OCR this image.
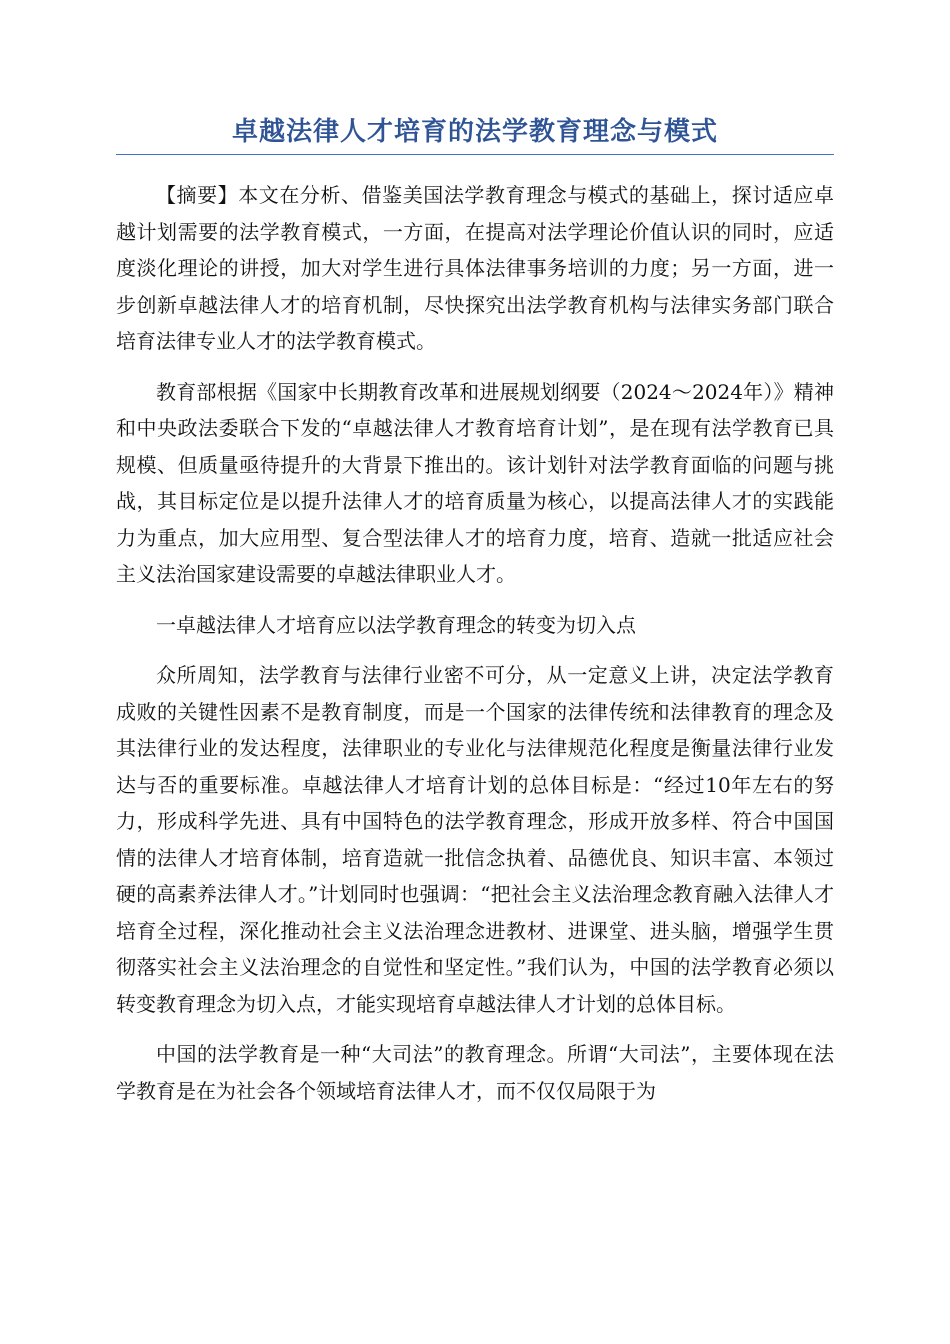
卓越法律人才培育的法学教育理念与模式

【摘要】本文在分析、借鉴美国法学教育理念与模式的基础上，探讨适应卓越计划需要的法学教育模式，一方面，在提高对法学理论价值认识的同时，应适度淡化理论的讲授，加大对学生进行具体法律事务培训的力度；另一方面，进一步创新卓越法律人才的培育机制，尽快探究出法学教育机构与法律实务部门联合培育法律专业人才的法学教育模式。

教育部根据《国家中长期教育改革和进展规划纲要（2024～2024年）》精神和中央政法委联合下发的“卓越法律人才教育培育计划”，是在现有法学教育已具规模、但质量亟待提升的大背景下推出的。该计划针对法学教育面临的问题与挑战，其目标定位是以提升法律人才的培育质量为核心，以提高法律人才的实践能力为重点，加大应用型、复合型法律人才的培育力度，培育、造就一批适应社会主义法治国家建设需要的卓越法律职业人才。

一卓越法律人才培育应以法学教育理念的转变为切入点

众所周知，法学教育与法律行业密不可分，从一定意义上讲，决定法学教育成败的关键性因素不是教育制度，而是一个国家的法律传统和法律教育的理念及其法律行业的发达程度，法律职业的专业化与法律规范化程度是衡量法律行业发达与否的重要标准。卓越法律人才培育计划的总体目标是：“经过10年左右的努力，形成科学先进、具有中国特色的法学教育理念，形成开放多样、符合中国国情的法律人才培育体制，培育造就一批信念执着、品德优良、知识丰富、本领过硬的高素养法律人才。”计划同时也强调：“把社会主义法治理念教育融入法律人才培育全过程，深化推动社会主义法治理念进教材、进课堂、进头脑，增强学生贯彻落实社会主义法治理念的自觉性和坚定性。”我们认为，中国的法学教育必须以转变教育理念为切入点，才能实现培育卓越法律人才计划的总体目标。

中国的法学教育是一种“大司法”的教育理念。所谓“大司法”，主要体现在法学教育是在为社会各个领域培育法律人才，而不仅仅局限于为
